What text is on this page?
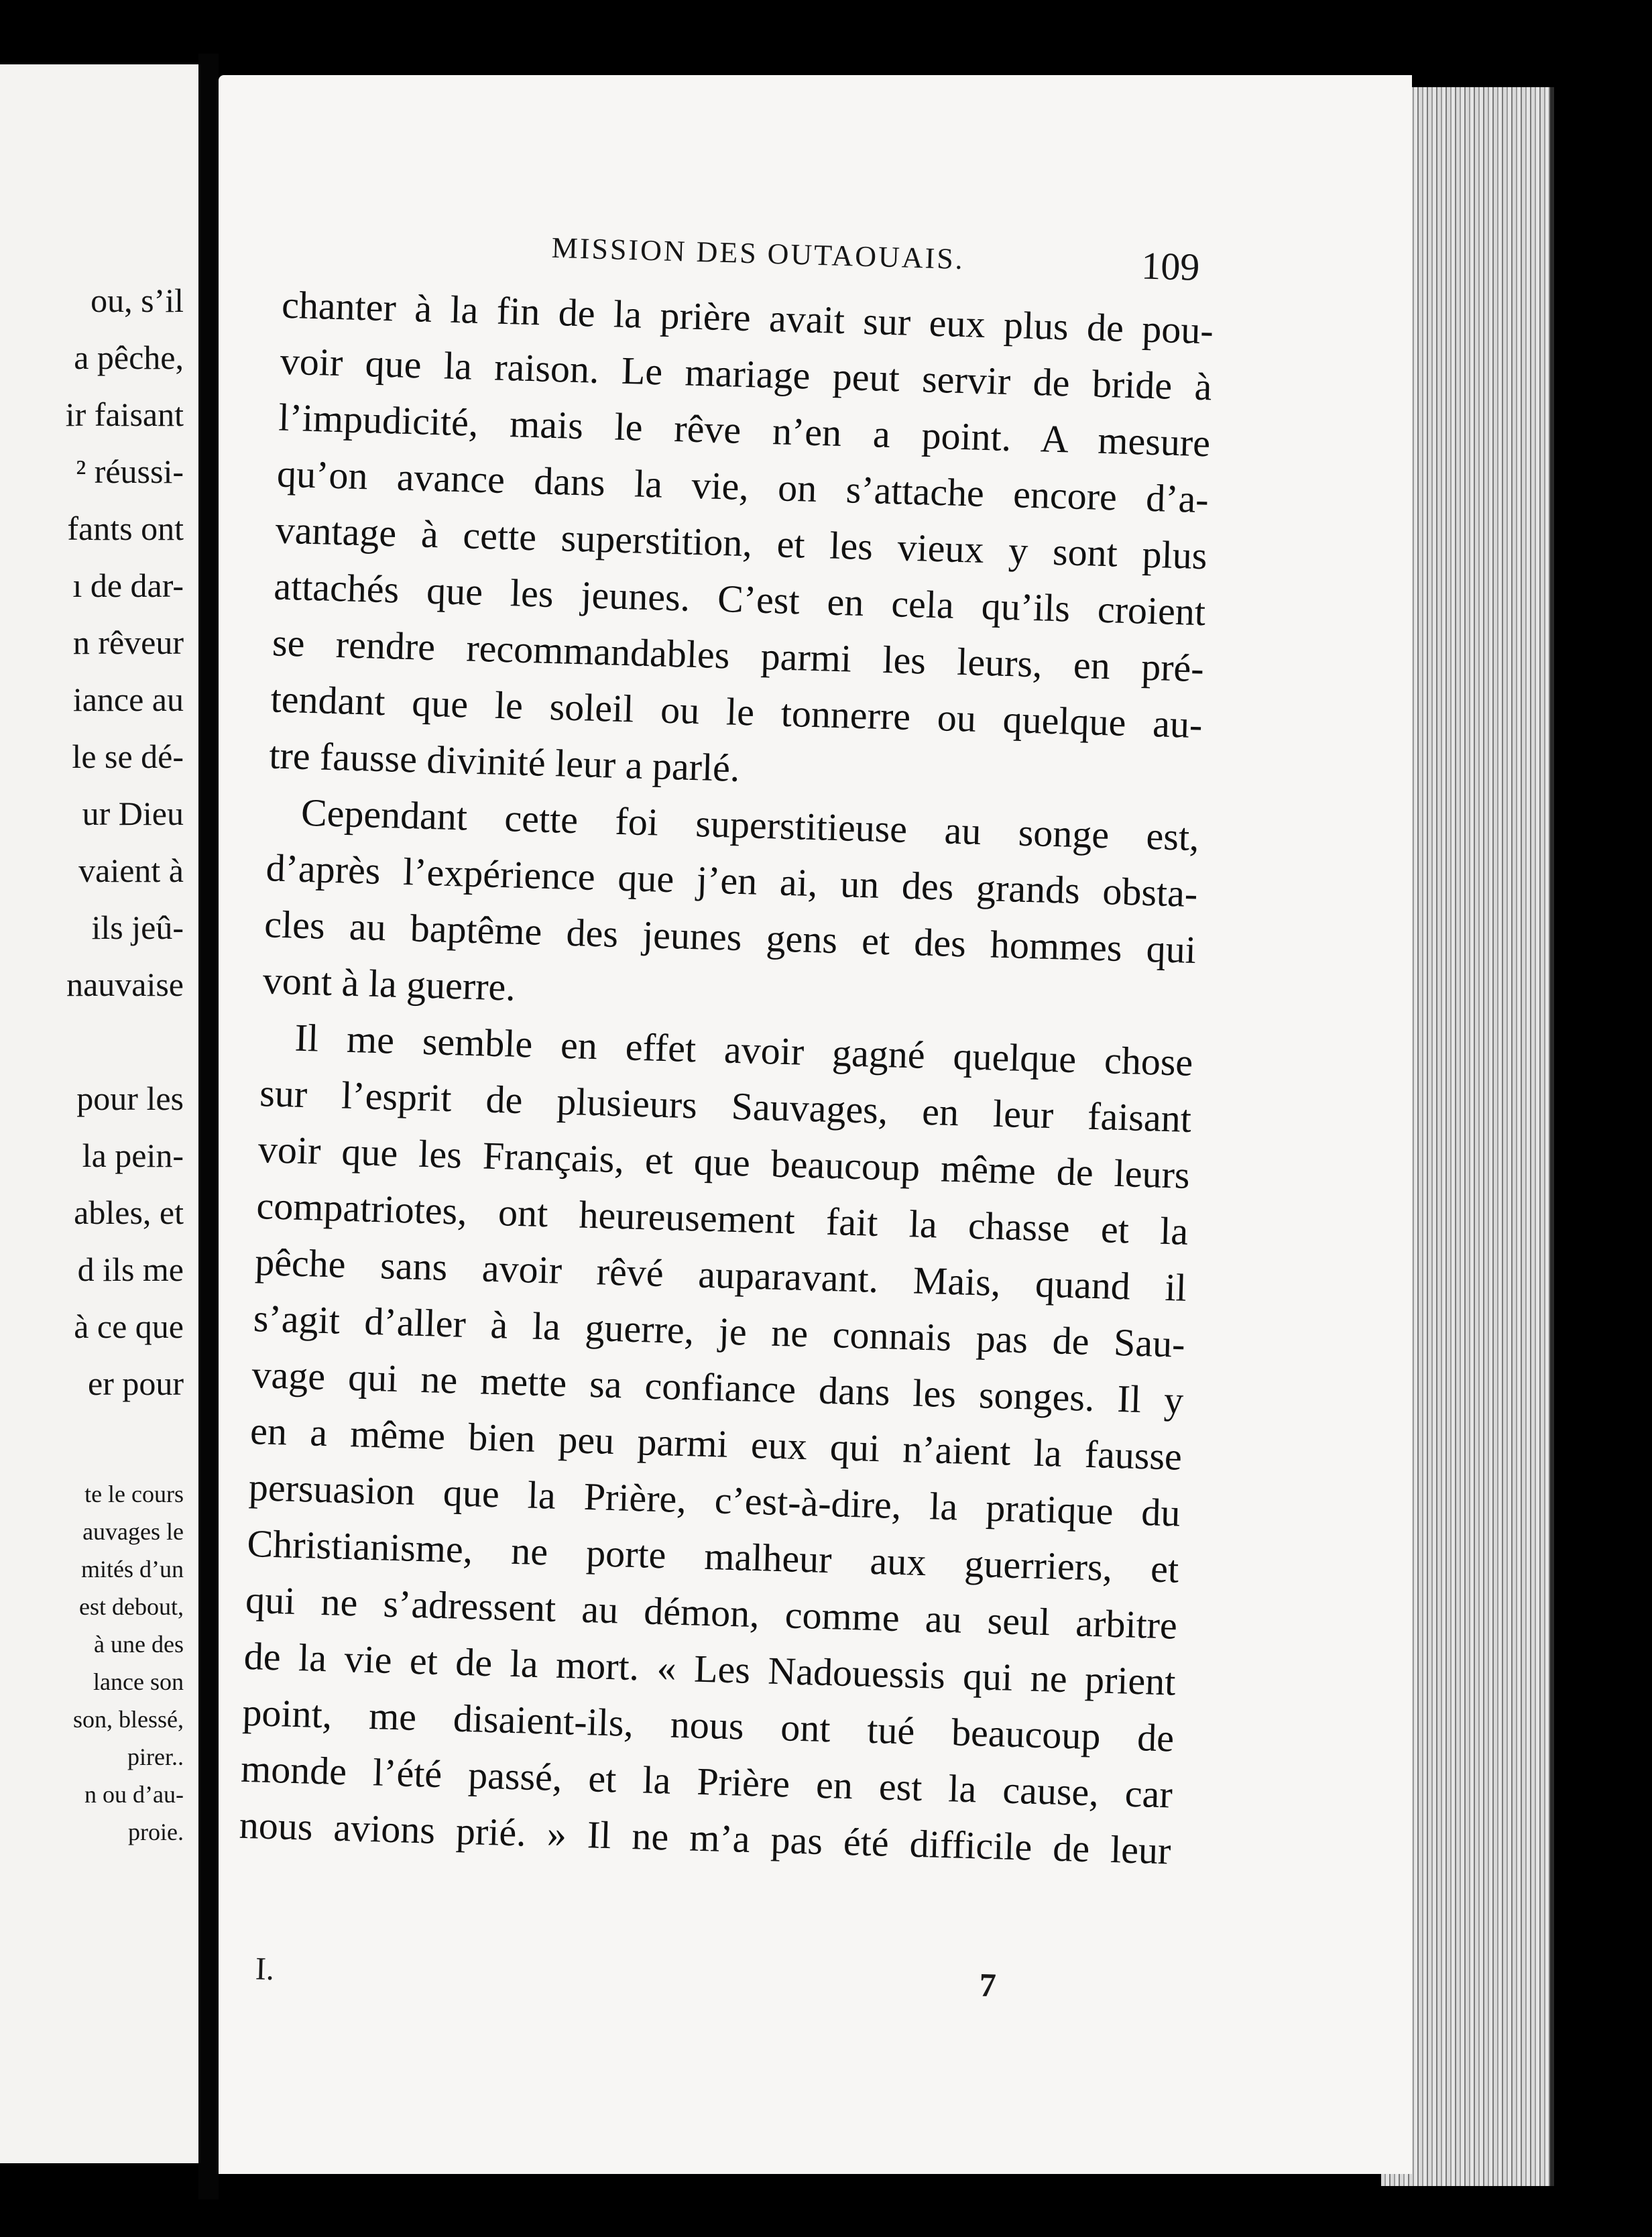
ou, s’il
a pêche,
ir faisant
² réussi-
fants ont
ı de dar-
n rêveur
iance au
le se dé-
ur Dieu
vaient à
ils jeû-
nauvaise
pour les
la pein-
ables, et
d ils me
à ce que
er pour
te le cours
auvages le
mités d’un
est debout,
à une des
lance son
son, blessé,
pirer..
n ou d’au-
proie.
MISSION DES OUTAOUAIS.	109
chanter à la fin de la prière avait sur eux plus de pou-
voir que la raison. Le mariage peut servir de bride à
l’impudicité, mais le rêve n’en a point. A mesure
qu’on avance dans la vie, on s’attache encore d’a-
vantage à cette superstition, et les vieux y sont plus
attachés que les jeunes. C’est en cela qu’ils croient
se rendre recommandables parmi les leurs, en pré-
tendant que le soleil ou le tonnerre ou quelque au-
tre fausse divinité leur a parlé.
Cependant cette foi superstitieuse au songe est,
d’après l’expérience que j’en ai, un des grands obsta-
cles au baptême des jeunes gens et des hommes qui
vont à la guerre.
Il me semble en effet avoir gagné quelque chose
sur l’esprit de plusieurs Sauvages, en leur faisant
voir que les Français, et que beaucoup même de leurs
compatriotes, ont heureusement fait la chasse et la
pêche sans avoir rêvé auparavant. Mais, quand il
s’agit d’aller à la guerre, je ne connais pas de Sau-
vage qui ne mette sa confiance dans les songes. Il y
en a même bien peu parmi eux qui n’aient la fausse
persuasion que la Prière, c’est-à-dire, la pratique du
Christianisme, ne porte malheur aux guerriers, et
qui ne s’adressent au démon, comme au seul arbitre
de la vie et de la mort. « Les Nadouessis qui ne prient
point, me disaient-ils, nous ont tué beaucoup de
monde l’été passé, et la Prière en est la cause, car
nous avions prié. » Il ne m’a pas été difficile de leur
I.	7
